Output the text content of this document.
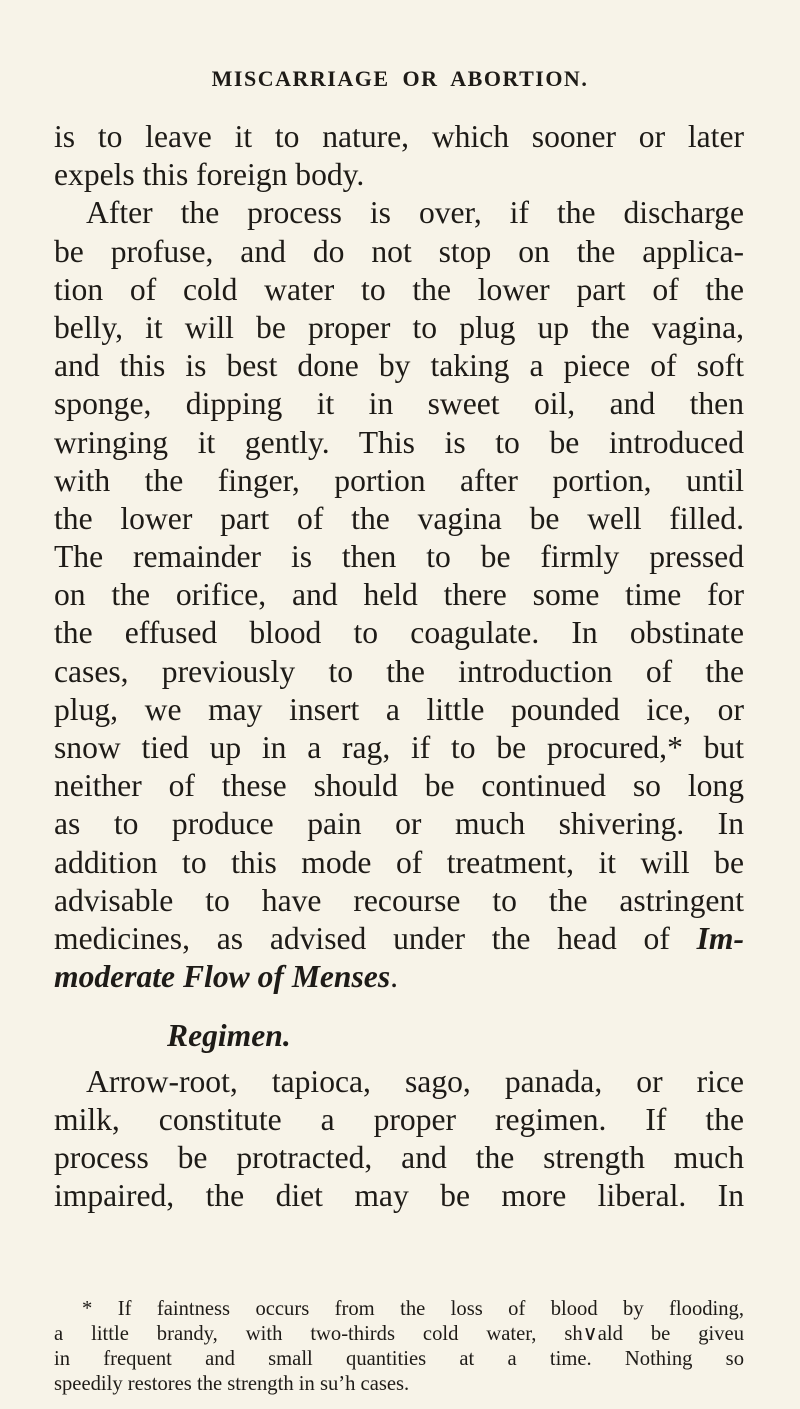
MISCARRIAGE OR ABORTION.
is to leave it to nature, which sooner or later
expels this foreign body.
After the process is over, if the discharge
be profuse, and do not stop on the applica-
tion of cold water to the lower part of the
belly, it will be proper to plug up the vagina,
and this is best done by taking a piece of soft
sponge, dipping it in sweet oil, and then
wringing it gently. This is to be introduced
with the finger, portion after portion, until
the lower part of the vagina be well filled.
The remainder is then to be firmly pressed
on the orifice, and held there some time for
the effused blood to coagulate. In obstinate
cases, previously to the introduction of the
plug, we may insert a little pounded ice, or
snow tied up in a rag, if to be procured,* but
neither of these should be continued so long
as to produce pain or much shivering. In
addition to this mode of treatment, it will be
advisable to have recourse to the astringent
medicines, as advised under the head of Im-
moderate Flow of Menses.
Regimen.
Arrow-root, tapioca, sago, panada, or rice
milk, constitute a proper regimen. If the
process be protracted, and the strength much
impaired, the diet may be more liberal. In
* If faintness occurs from the loss of blood by flooding,
a little brandy, with two-thirds cold water, sh∨ald be giveu
in frequent and small quantities at a time. Nothing so
speedily restores the strength in suʼh cases.
